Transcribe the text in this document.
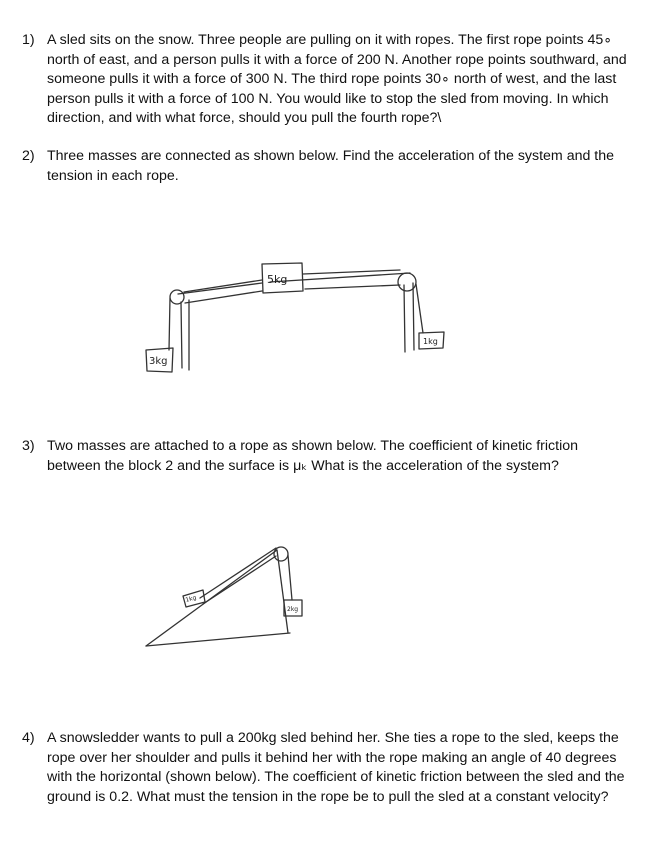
1) A sled sits on the snow. Three people are pulling on it with ropes. The first rope points 45∘ north of east, and a person pulls it with a force of 200 N. Another rope points southward, and someone pulls it with a force of 300 N. The third rope points 30∘ north of west, and the last person pulls it with a force of 100 N. You would like to stop the sled from moving. In which direction, and with what force, should you pull the fourth rope?\
2) Three masses are connected as shown below. Find the acceleration of the system and the tension in each rope.
5kg
3kg
1kg
1kg
2kg
3) Two masses are attached to a rope as shown below. The coefficient of kinetic friction between the block 2 and the surface is μₖ What is the acceleration of the system?
4) A snowsledder wants to pull a 200kg sled behind her. She ties a rope to the sled, keeps the rope over her shoulder and pulls it behind her with the rope making an angle of 40 degrees with the horizontal (shown below). The coefficient of kinetic friction between the sled and the ground is 0.2. What must the tension in the rope be to pull the sled at a constant velocity?
